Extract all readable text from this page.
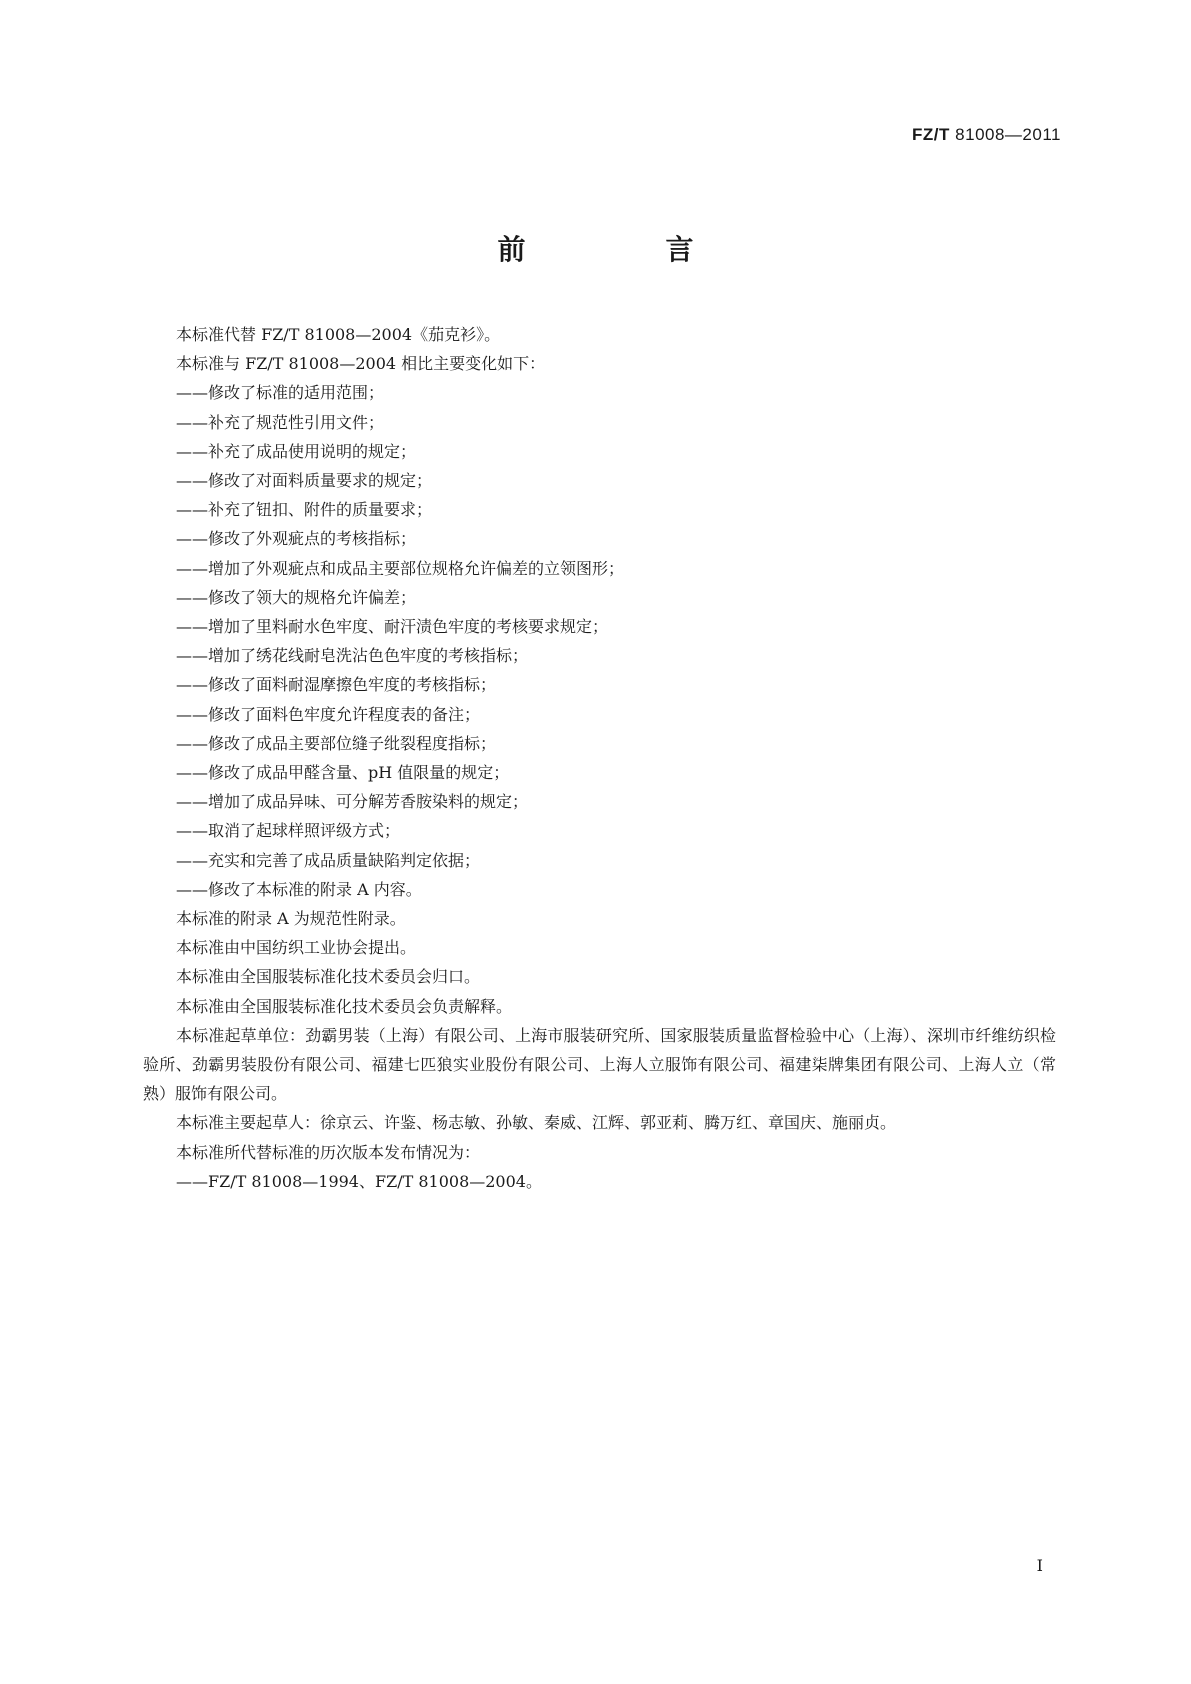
FZ/T 81008—2011
前　言

本标准代替 FZ/T 81008—2004《茄克衫》。

本标准与 FZ/T 81008—2004 相比主要变化如下：

——修改了标准的适用范围；

——补充了规范性引用文件；

——补充了成品使用说明的规定；

——修改了对面料质量要求的规定；

——补充了钮扣、附件的质量要求；

——修改了外观疵点的考核指标；

——增加了外观疵点和成品主要部位规格允许偏差的立领图形；

——修改了领大的规格允许偏差；

——增加了里料耐水色牢度、耐汗渍色牢度的考核要求规定；

——增加了绣花线耐皂洗沾色色牢度的考核指标；

——修改了面料耐湿摩擦色牢度的考核指标；

——修改了面料色牢度允许程度表的备注；

——修改了成品主要部位缝子纰裂程度指标；

——修改了成品甲醛含量、pH 值限量的规定；

——增加了成品异味、可分解芳香胺染料的规定；

——取消了起球样照评级方式；

——充实和完善了成品质量缺陷判定依据；

——修改了本标准的附录 A 内容。

本标准的附录 A 为规范性附录。

本标准由中国纺织工业协会提出。

本标准由全国服装标准化技术委员会归口。

本标准由全国服装标准化技术委员会负责解释。

本标准起草单位：劲霸男装（上海）有限公司、上海市服装研究所、国家服装质量监督检验中心（上海）、深圳市纤维纺织检验所、劲霸男装股份有限公司、福建七匹狼实业股份有限公司、上海人立服饰有限公司、福建柒牌集团有限公司、上海人立（常熟）服饰有限公司。

本标准主要起草人：徐京云、许鉴、杨志敏、孙敏、秦威、江辉、郭亚莉、腾万红、章国庆、施丽贞。

本标准所代替标准的历次版本发布情况为：

——FZ/T 81008—1994、FZ/T 81008—2004。

I
